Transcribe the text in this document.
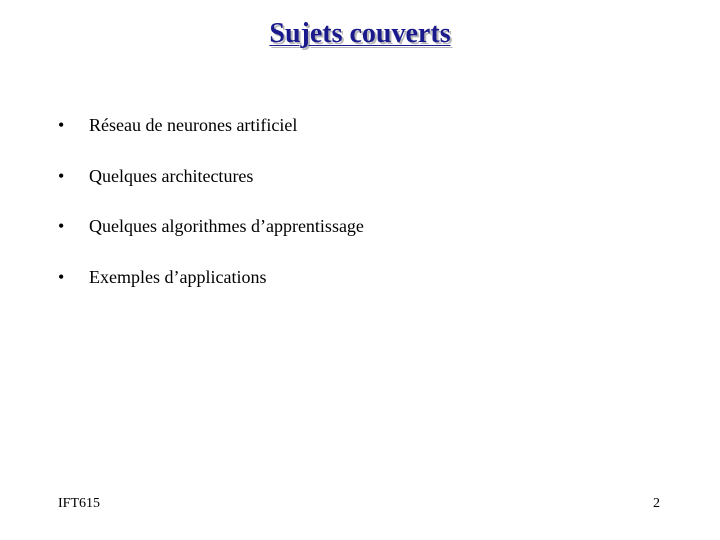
Sujets couverts
• Réseau de neurones artificiel
• Quelques architectures
• Quelques algorithmes d’apprentissage
• Exemples d’applications
IFT615	2
